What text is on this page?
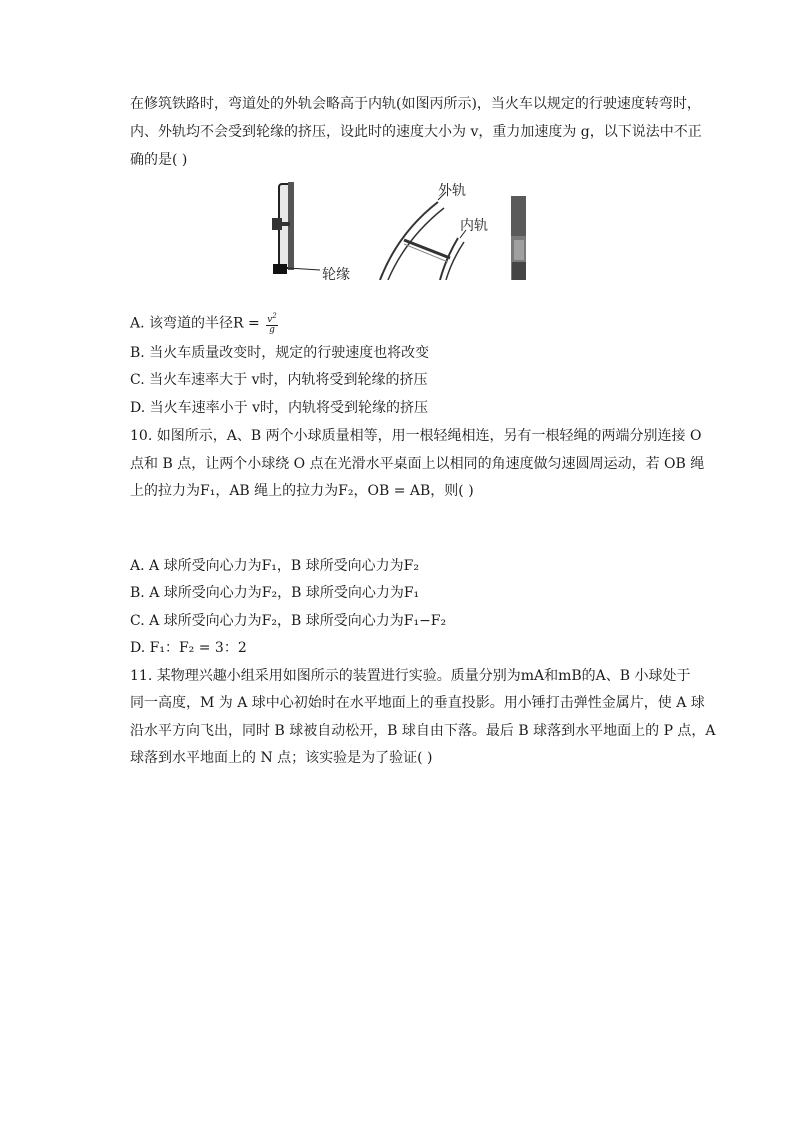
在修筑铁路时，弯道处的外轨会略高于内轨(如图丙所示)，当火车以规定的行驶速度转弯时，
内、外轨均不会受到轮缘的挤压，设此时的速度大小为 v，重力加速度为 g，以下说法中不正
确的是( )
轮缘
外轨
内轨
A. 该弯道的半径$R = \frac{v^2}{g}$
B. 当火车质量改变时，规定的行驶速度也将改变
C. 当火车速率大于 v时，内轨将受到轮缘的挤压
D. 当火车速率小于 v时，内轨将受到轮缘的挤压
10. 如图所示，A、B 两个小球质量相等，用一根轻绳相连，另有一根轻绳的两端分别连接 O
点和 B 点，让两个小球绕 O 点在光滑水平桌面上以相同的角速度做匀速圆周运动，若 OB 绳
上的拉力为F₁，AB 绳上的拉力为F₂，OB = AB，则( )
A. A 球所受向心力为F₁，B 球所受向心力为F₂
B. A 球所受向心力为F₂，B 球所受向心力为F₁
C. A 球所受向心力为F₂，B 球所受向心力为F₁−F₂
D. F₁：F₂ = 3：2
11. 某物理兴趣小组采用如图所示的装置进行实验。质量分别为mA和mB的A、B 小球处于
同一高度，M 为 A 球中心初始时在水平地面上的垂直投影。用小锤打击弹性金属片，使 A 球
沿水平方向飞出，同时 B 球被自动松开，B 球自由下落。最后 B 球落到水平地面上的 P 点，A
球落到水平地面上的 N 点；该实验是为了验证( )
